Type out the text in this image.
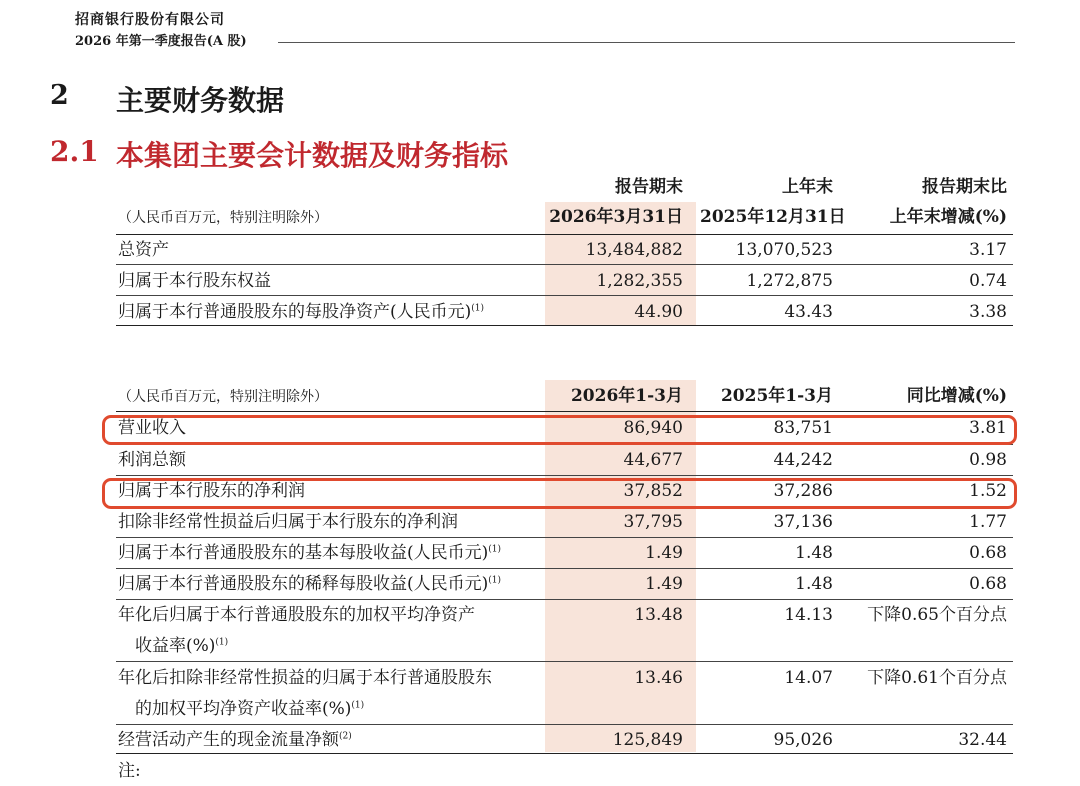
招商银行股份有限公司
2026 年第一季度报告(A 股)
2 主要财务数据
2.1 本集团主要会计数据及财务指标
报告期末	上年末	报告期末比
（人民币百万元，特别注明除外）	2026年3月31日 2025年12月31日	上年末增减(%)
总资产	13,484,882	13,070,523	3.17
归属于本行股东权益	1,282,355	1,272,875	0.74
归属于本行普通股股东的每股净资产(人民币元)$^{(1)}$	44.90	43.43	3.38
（人民币百万元，特别注明除外）	2026年1-3月	2025年1-3月	同比增减(%)
营业收入	86,940	83,751	3.81
利润总额	44,677	44,242	0.98
归属于本行股东的净利润	37,852	37,286	1.52
扣除非经常性损益后归属于本行股东的净利润	37,795	37,136	1.77
归属于本行普通股股东的基本每股收益(人民币元)$^{(1)}$	1.49	1.48	0.68
归属于本行普通股股东的稀释每股收益(人民币元)$^{(1)}$	1.49	1.48	0.68
年化后归属于本行普通股股东的加权平均净资产
收益率(%)$^{(1)}$
13.48	14.13	下降0.65个百分点
年化后扣除非经常性损益的归属于本行普通股股东
的加权平均净资产收益率(%)$^{(1)}$
13.46	14.07	下降0.61个百分点
经营活动产生的现金流量净额$^{(2)}$	125,849	95,026	32.44
注:
